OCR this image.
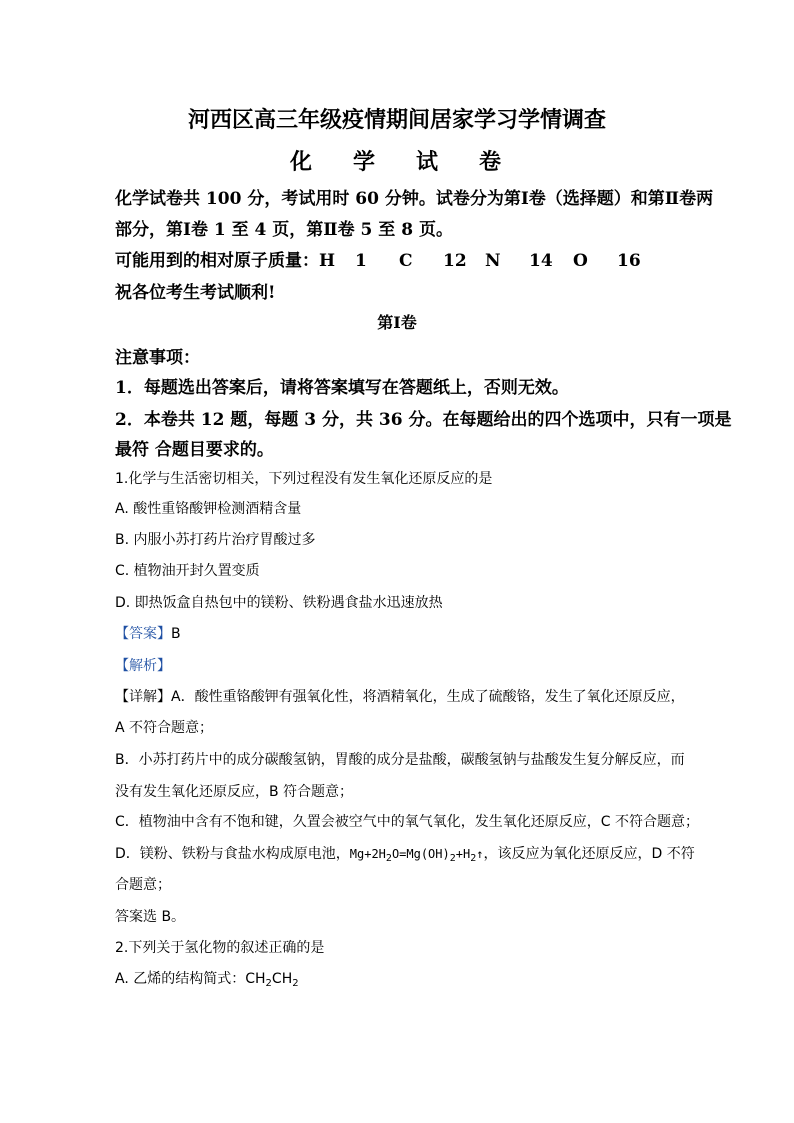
河西区高三年级疫情期间居家学习学情调查
化 学 试 卷
化学试卷共 100 分，考试用时 60 分钟。试卷分为第Ⅰ卷（选择题）和第Ⅱ卷两
部分，第Ⅰ卷 1 至 4 页，第Ⅱ卷 5 至 8 页。
可能用到的相对原子质量：H 1 C 12 N 14 O 16
祝各位考生考试顺利!
第Ⅰ卷
注意事项：
1．每题选出答案后，请将答案填写在答题纸上，否则无效。
2．本卷共 12 题，每题 3 分，共 36 分。在每题给出的四个选项中，只有一项是
最符 合题目要求的。
1.化学与生活密切相关，下列过程没有发生氧化还原反应的是
A. 酸性重铬酸钾检测酒精含量
B. 内服小苏打药片治疗胃酸过多
C. 植物油开封久置变质
D. 即热饭盒自热包中的镁粉、铁粉遇食盐水迅速放热
【答案】B
【解析】
【详解】A．酸性重铬酸钾有强氧化性，将酒精氧化，生成了硫酸铬，发生了氧化还原反应，
A 不符合题意；
B．小苏打药片中的成分碳酸氢钠，胃酸的成分是盐酸，碳酸氢钠与盐酸发生复分解反应，而
没有发生氧化还原反应，B 符合题意；
C．植物油中含有不饱和键，久置会被空气中的氧气氧化，发生氧化还原反应，C 不符合题意；
D．镁粉、铁粉与食盐水构成原电池，$Mg+2H_2O=Mg(OH)_2+H_2↑$，该反应为氧化还原反应，D 不符
合题意；
答案选 B。
2.下列关于氢化物的叙述正确的是
A. 乙烯的结构简式：$CH_2CH_2$
